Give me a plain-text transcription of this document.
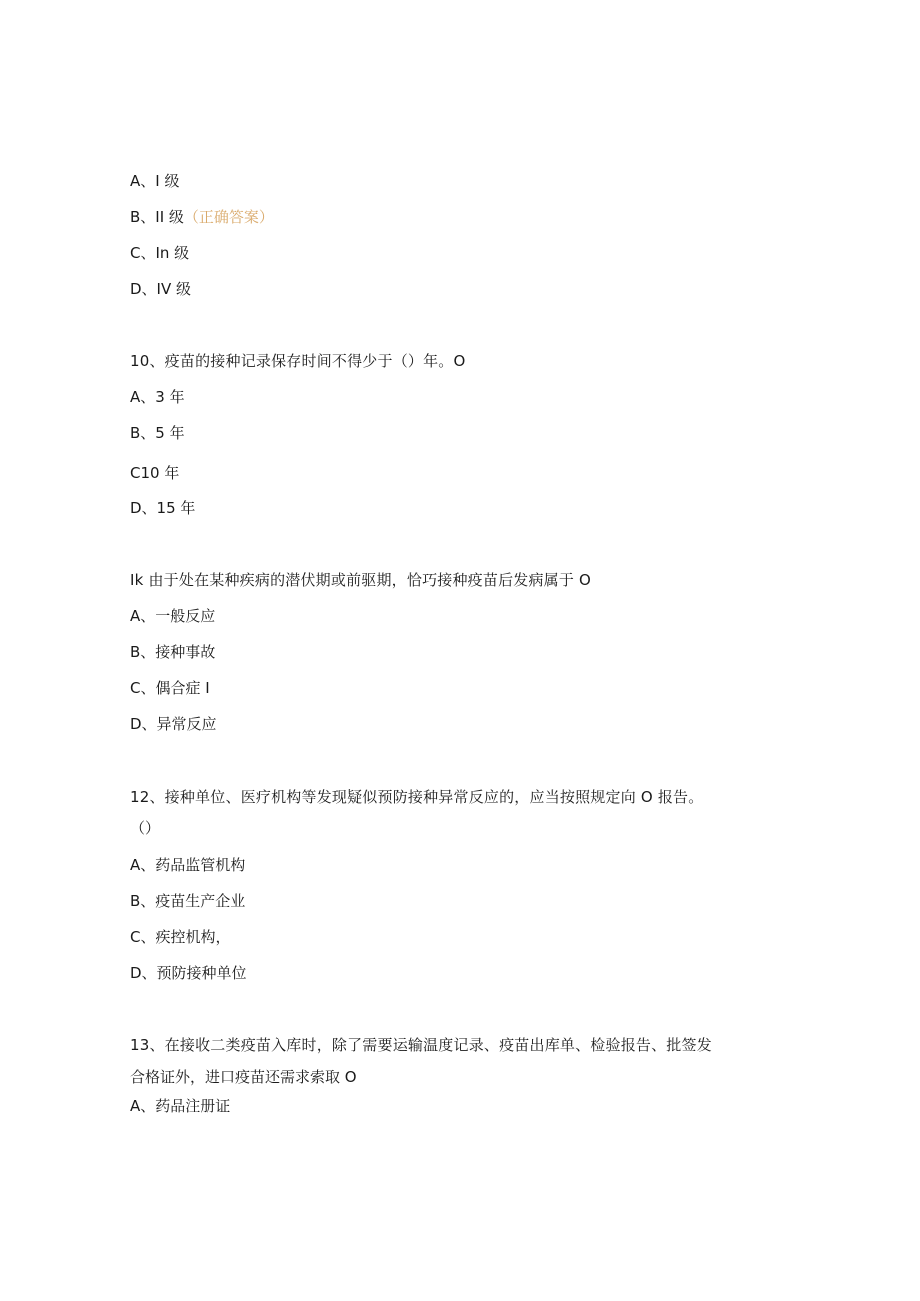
A、I 级
B、II 级（正确答案）
C、In 级
D、IV 级
10、疫苗的接种记录保存时间不得少于（）年。O
A、3 年
B、5 年
C10 年
D、15 年
Ik 由于处在某种疾病的潜伏期或前驱期，恰巧接种疫苗后发病属于 O
A、一般反应
B、接种事故
C、偶合症 I
D、异常反应
12、接种单位、医疗机构等发现疑似预防接种异常反应的，应当按照规定向 O 报告。
（）
A、药品监管机构
B、疫苗生产企业
C、疾控机构，
D、预防接种单位
13、在接收二类疫苗入库时，除了需要运输温度记录、疫苗出库单、检验报告、批签发
合格证外，进口疫苗还需求索取 O
A、药品注册证
